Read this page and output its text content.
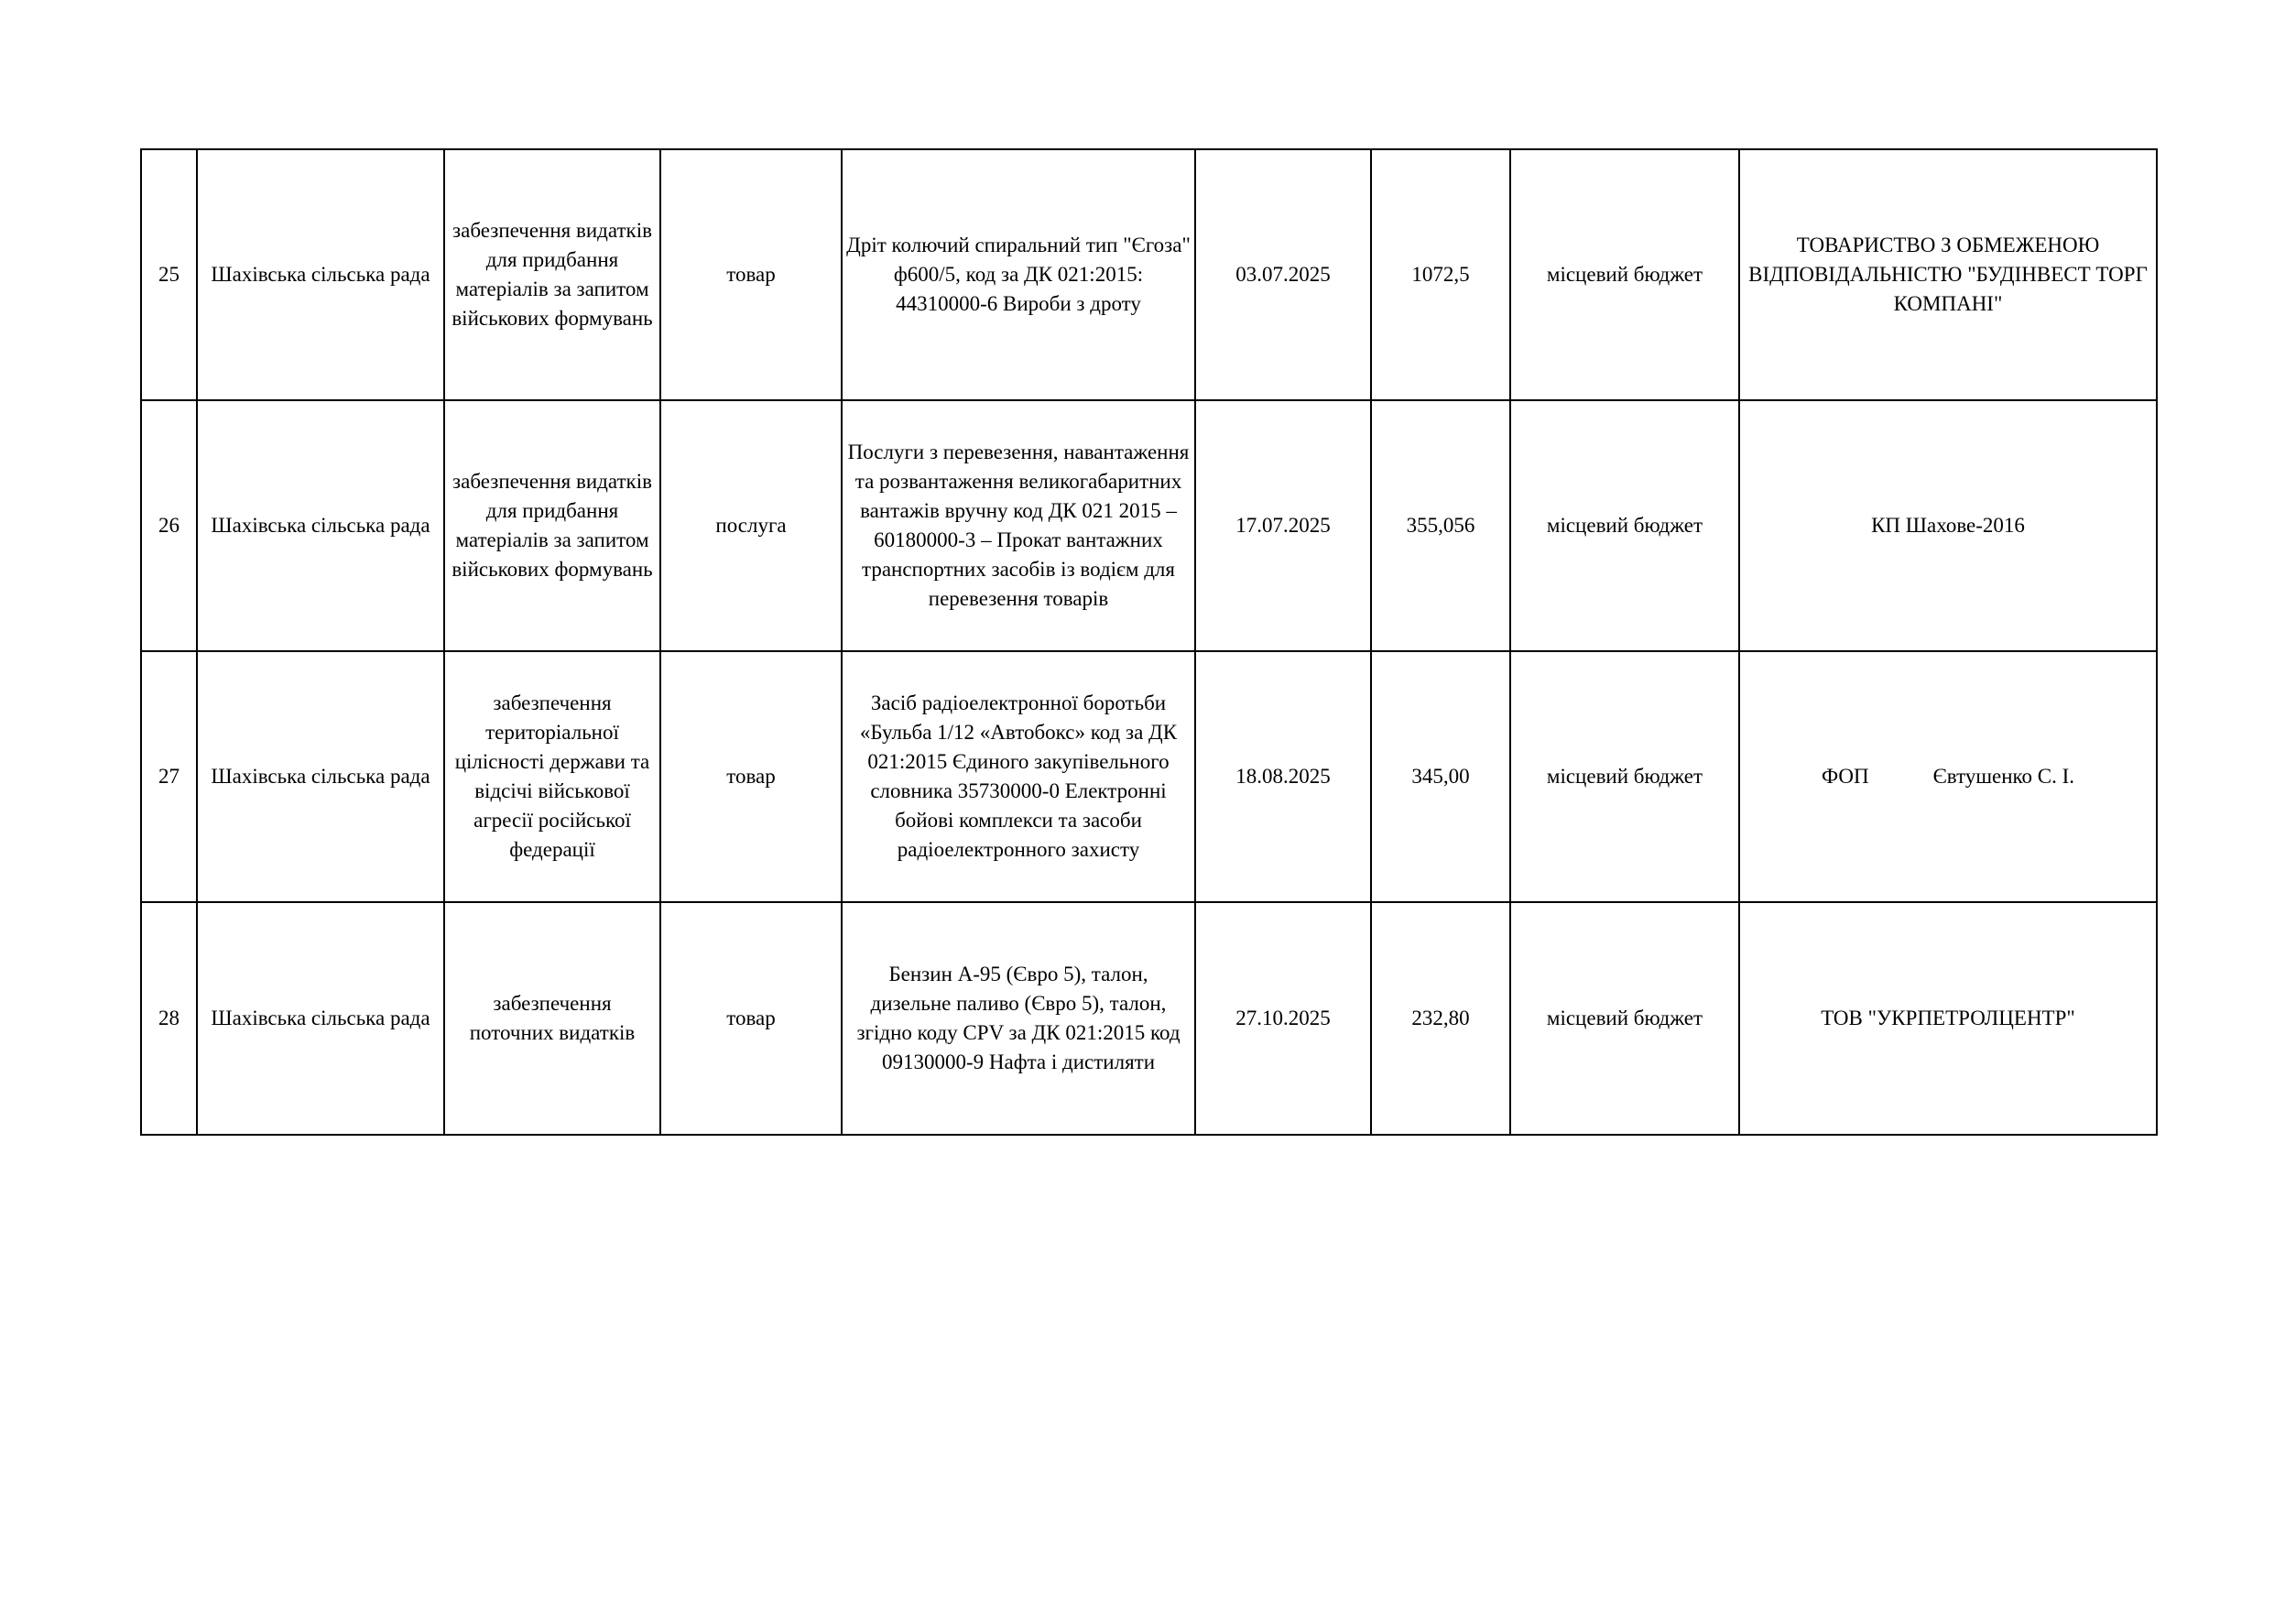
25	Шахівська сільська рада	забезпечення видатків для придбання матеріалів за запитом військових формувань	товар	Дріт колючий спиральний тип "Єгоза" ф600/5, код за ДК 021:2015: 44310000-6 Вироби з дроту	03.07.2025	1072,5	місцевий бюджет	ТОВАРИСТВО З ОБМЕЖЕНОЮ ВІДПОВІДАЛЬНІСТЮ "БУДІНВЕСТ ТОРГ КОМПАНІ"
26	Шахівська сільська рада	забезпечення видатків для придбання матеріалів за запитом військових формувань	послуга	Послуги з перевезення, навантаження та розвантаження великогабаритних вантажів вручну код ДК 021 2015 – 60180000-3 – Прокат вантажних транспортних засобів із водієм для перевезення товарів	17.07.2025	355,056	місцевий бюджет	КП Шахове-2016
27	Шахівська сільська рада	забезпечення територіальної цілісності держави та відсічі військової агресії російської федерації	товар	Засіб радіоелектронної боротьби «Бульба 1/12 «Автобокс» код за ДК 021:2015 Єдиного закупівельного словника 35730000-0 Електронні бойові комплекси та засоби радіоелектронного захисту	18.08.2025	345,00	місцевий бюджет	ФОП Євтушенко С. І.
28	Шахівська сільська рада	забезпечення поточних видатків	товар	Бензин А-95 (Євро 5), талон, дизельне паливо (Євро 5), талон, згідно коду CPV за ДК 021:2015 код 09130000-9 Нафта і дистиляти	27.10.2025	232,80	місцевий бюджет	ТОВ "УКРПЕТРОЛЦЕНТР"
